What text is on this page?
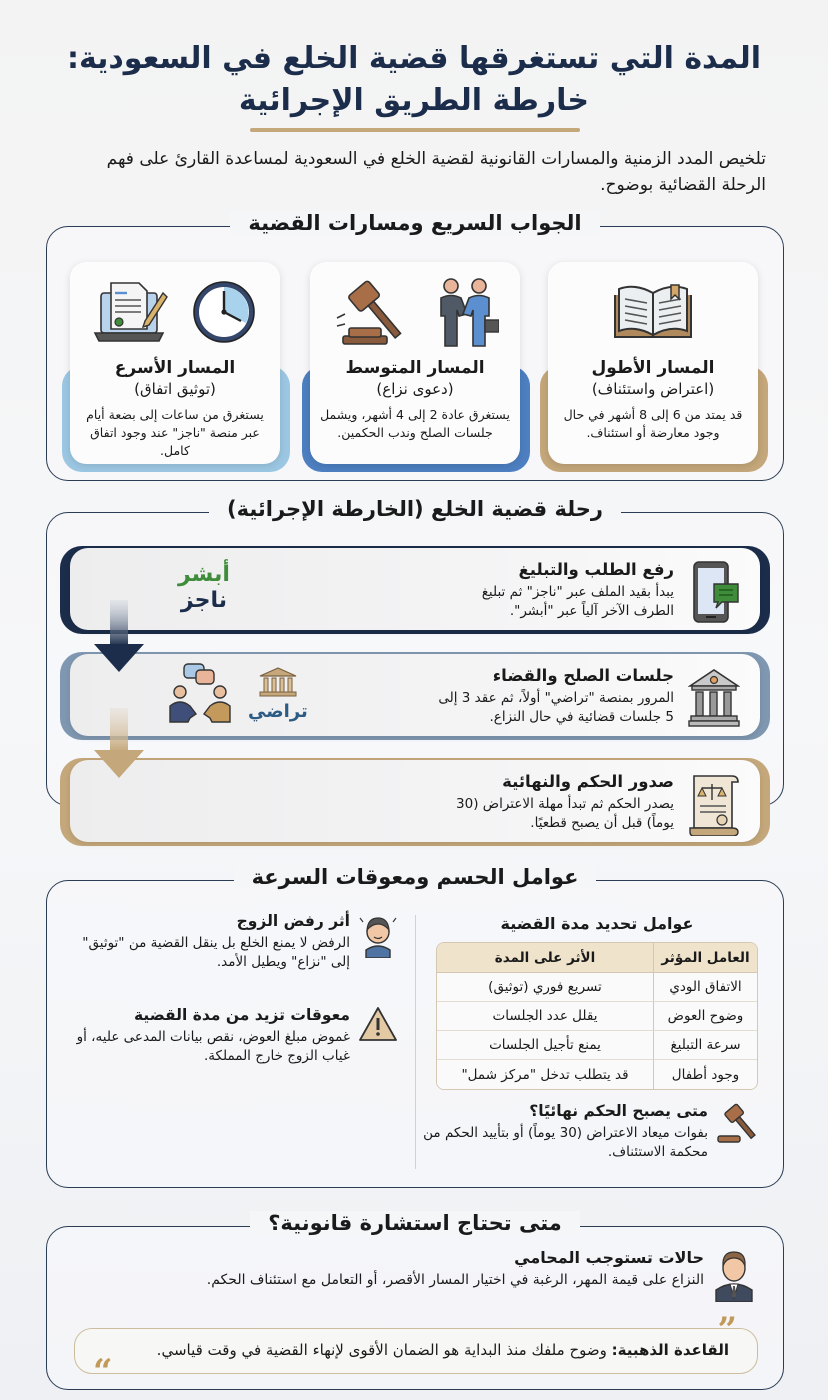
المدة التي تستغرقها قضية الخلع في السعودية:
خارطة الطريق الإجرائية
تلخيص المدد الزمنية والمسارات القانونية لقضية الخلع في السعودية لمساعدة القارئ على فهم الرحلة القضائية بوضوح.
الجواب السريع ومسارات القضية
المسار الأطول
(اعتراض واستئناف)
قد يمتد من 6 إلى 8 أشهر في حال وجود معارضة أو استئناف.
المسار المتوسط
(دعوى نزاع)
يستغرق عادة 2 إلى 4 أشهر، ويشمل جلسات الصلح وندب الحكمين.
المسار الأسرع
(توثيق اتفاق)
يستغرق من ساعات إلى بضعة أيام عبر منصة "ناجز" عند وجود اتفاق كامل.
رحلة قضية الخلع (الخارطة الإجرائية)
رفع الطلب والتبليغ
يبدأ بقيد الملف عبر "ناجز" ثم تبليغ
الطرف الآخر آلياً عبر "أبشر".
أبشر
ناجز
جلسات الصلح والقضاء
المرور بمنصة "تراضي" أولاً، ثم عقد 3 إلى
5 جلسات قضائية في حال النزاع.
تراضي
صدور الحكم والنهائية
يصدر الحكم ثم تبدأ مهلة الاعتراض (30
يوماً) قبل أن يصبح قطعيًا.
عوامل الحسم ومعوقات السرعة
عوامل تحديد مدة القضية
العامل المؤثر	الأثر على المدة
الاتفاق الودي	تسريع فوري (توثيق)
وضوح العوض	يقلل عدد الجلسات
سرعة التبليغ	يمنع تأجيل الجلسات
وجود أطفال	قد يتطلب تدخل "مركز شمل"
متى يصبح الحكم نهائيًا؟
بفوات ميعاد الاعتراض (30 يوماً) أو بتأييد الحكم من محكمة الاستئناف.
أثر رفض الزوج
الرفض لا يمنع الخلع بل ينقل القضية من "توثيق" إلى "نزاع" ويطيل الأمد.
معوقات تزيد من مدة القضية
غموض مبلغ العوض، نقص بيانات المدعى عليه، أو غياب الزوج خارج المملكة.
متى تحتاج استشارة قانونية؟
حالات تستوجب المحامي
النزاع على قيمة المهر، الرغبة في اختيار المسار الأقصر، أو التعامل مع استئناف الحكم.
”
“
القاعدة الذهبية: وضوح ملفك منذ البداية هو الضمان الأقوى لإنهاء القضية في وقت قياسي.
